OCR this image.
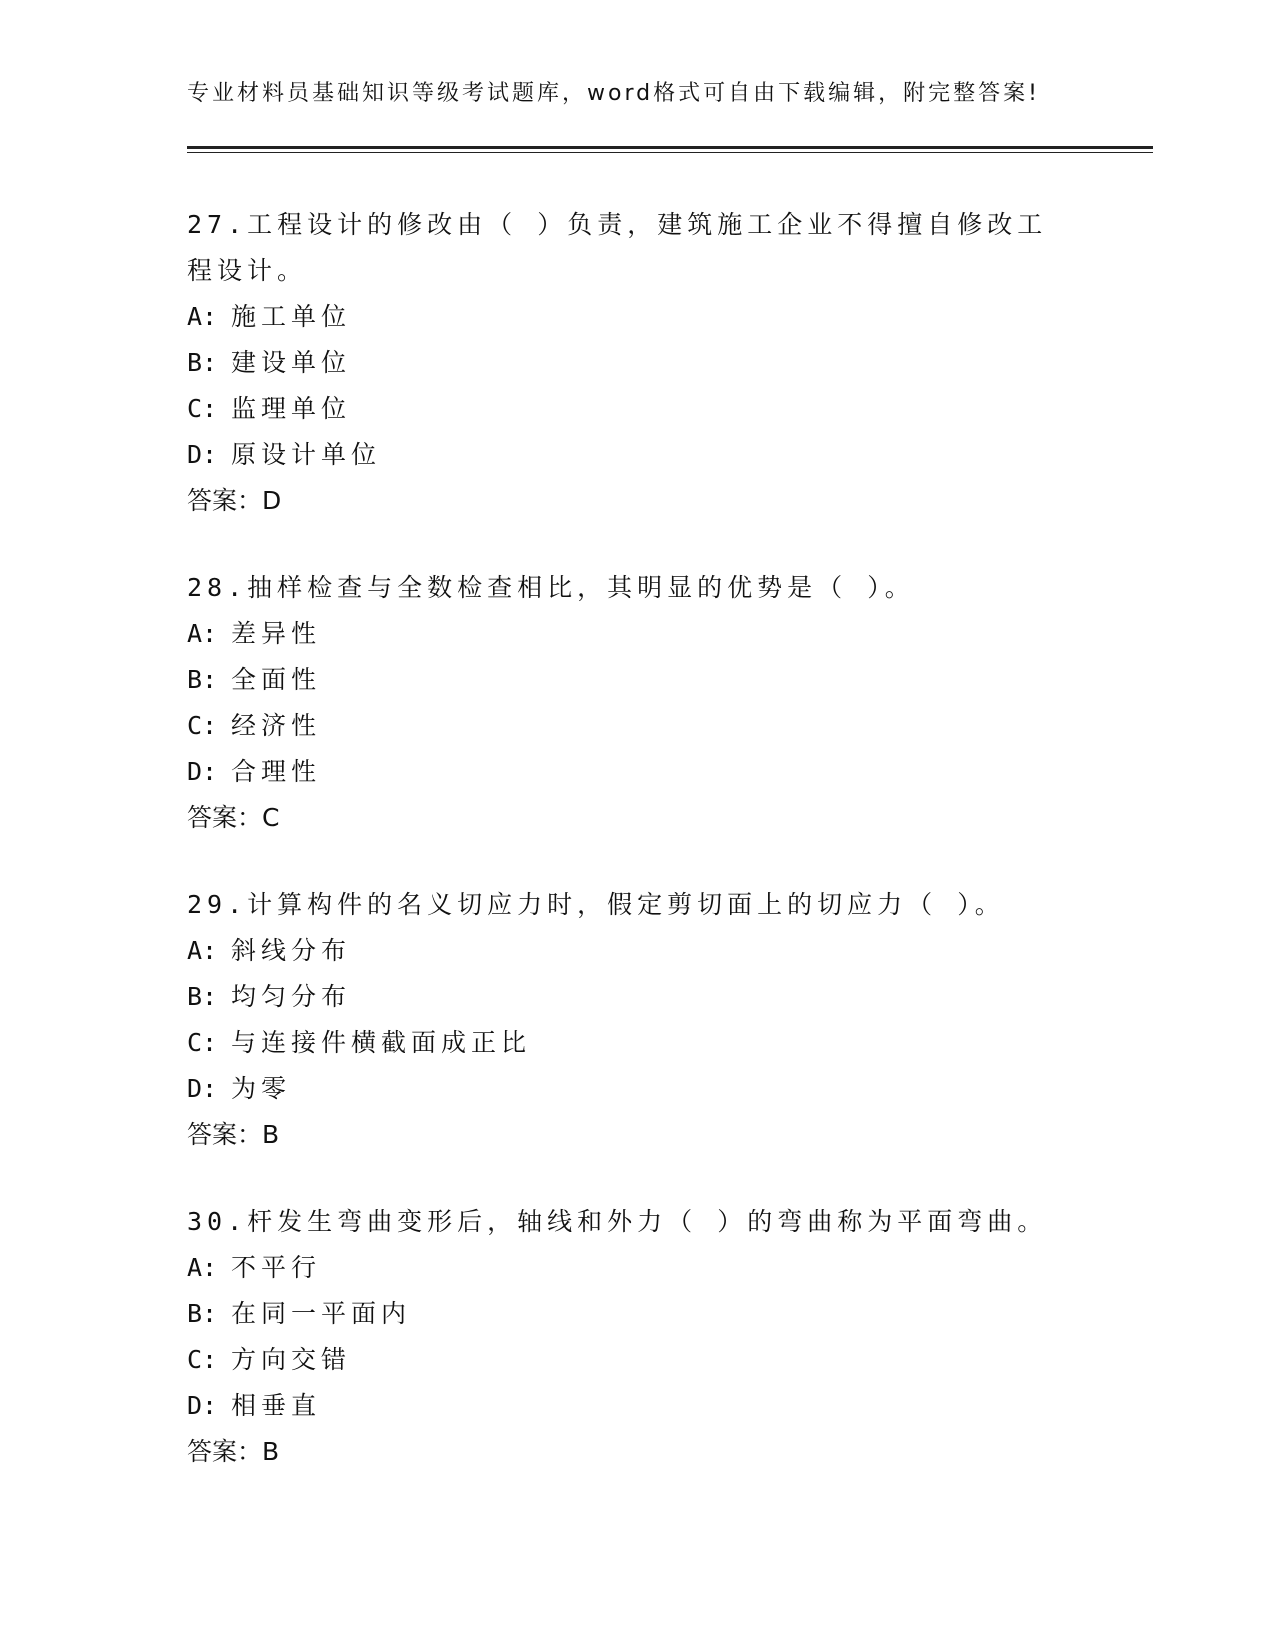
专业材料员基础知识等级考试题库，word格式可自由下载编辑，附完整答案!
27.工程设计的修改由（ ）负责，建筑施工企业不得擅自修改工程设计。
A: 施工单位
B: 建设单位
C: 监理单位
D: 原设计单位
答案：D
28.抽样检查与全数检查相比，其明显的优势是（ ）。
A: 差异性
B: 全面性
C: 经济性
D: 合理性
答案：C
29.计算构件的名义切应力时，假定剪切面上的切应力（ ）。
A: 斜线分布
B: 均匀分布
C: 与连接件横截面成正比
D: 为零
答案：B
30.杆发生弯曲变形后，轴线和外力（ ）的弯曲称为平面弯曲。
A: 不平行
B: 在同一平面内
C: 方向交错
D: 相垂直
答案：B
